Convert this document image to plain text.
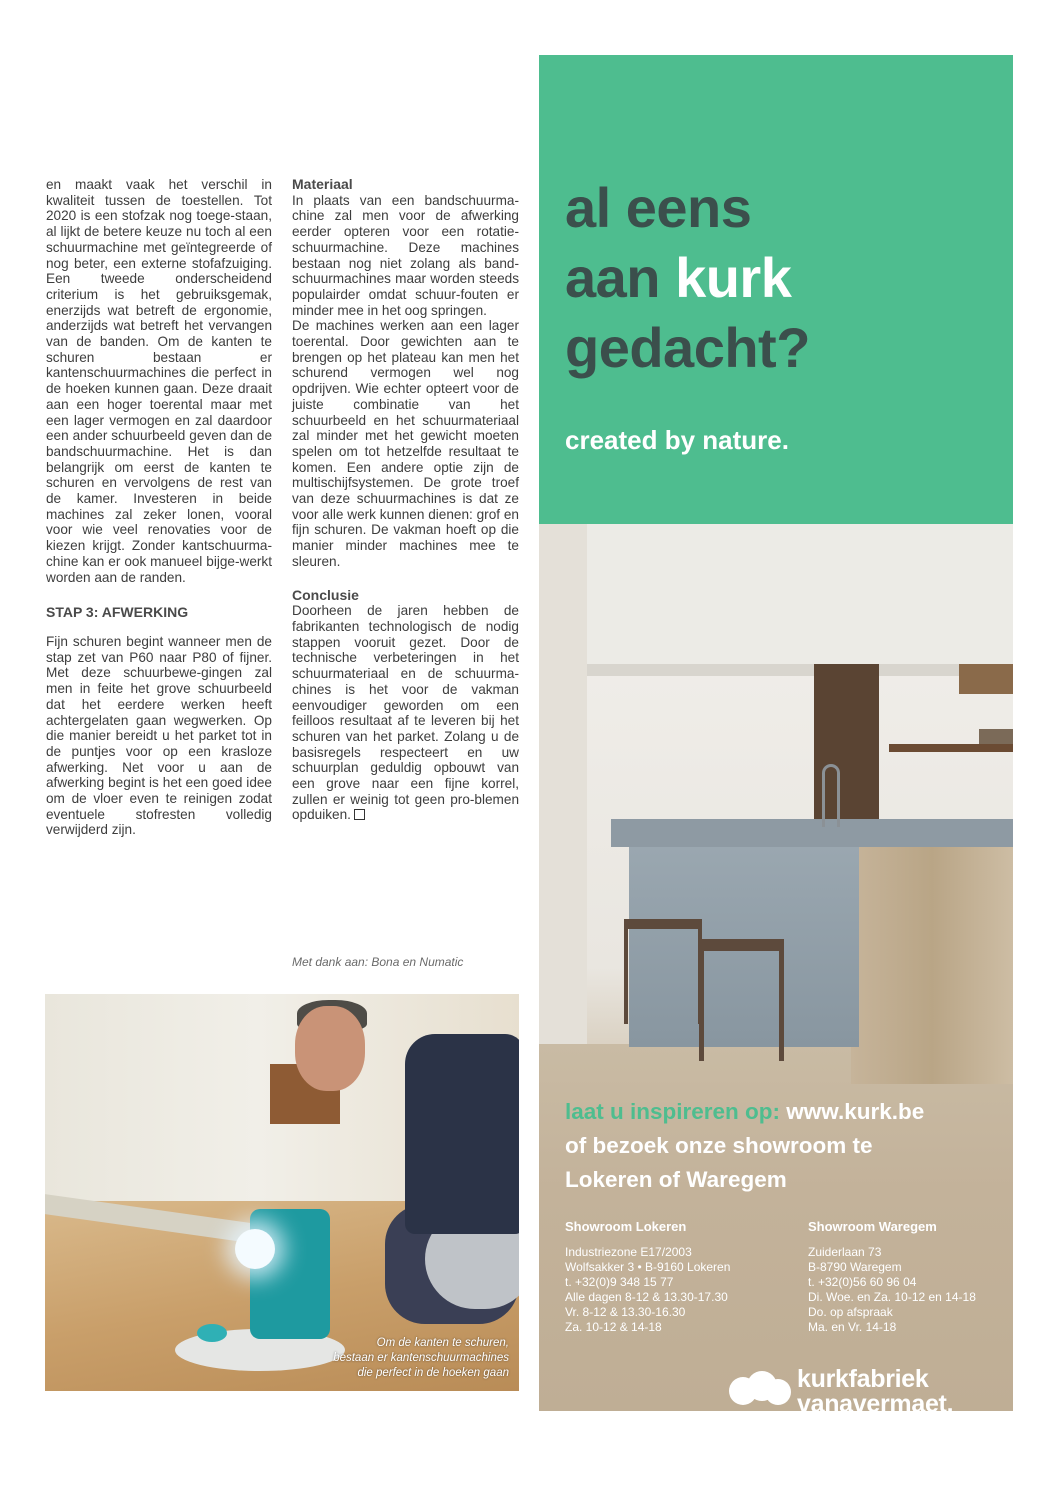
en maakt vaak het verschil in kwaliteit tussen de toestellen. Tot 2020 is een stofzak nog toege-staan, al lijkt de betere keuze nu toch al een schuurmachine met geïntegreerde of nog beter, een externe stofafzuiging. Een tweede onderscheidend criterium is het gebruiksgemak, enerzijds wat betreft de ergonomie, anderzijds wat betreft het vervangen van de banden. Om de kanten te schuren bestaan er kantenschuurmachines die perfect in de hoeken kunnen gaan. Deze draait aan een hoger toerental maar met een lager vermogen en zal daardoor een ander schuurbeeld geven dan de bandschuurmachine. Het is dan belangrijk om eerst de kanten te schuren en vervolgens de rest van de kamer. Investeren in beide machines zal zeker lonen, vooral voor wie veel renovaties voor de kiezen krijgt. Zonder kantschuurma-chine kan er ook manueel bijge-werkt worden aan de randen.

STAP 3: AFWERKING

Fijn schuren begint wanneer men de stap zet van P60 naar P80 of fijner. Met deze schuurbewe-gingen zal men in feite het grove schuurbeeld dat het eerdere werken heeft achtergelaten gaan wegwerken. Op die manier bereidt u het parket tot in de puntjes voor op een krasloze afwerking. Net voor u aan de afwerking begint is het een goed idee om de vloer even te reinigen zodat eventuele stofresten volledig verwijderd zijn.

Materiaal

In plaats van een bandschuurma-chine zal men voor de afwerking eerder opteren voor een rotatie-schuurmachine. Deze machines bestaan nog niet zolang als band-schuurmachines maar worden steeds populairder omdat schuur-fouten er minder mee in het oog springen.

De machines werken aan een lager toerental. Door gewichten aan te brengen op het plateau kan men het schurend vermogen wel nog opdrijven. Wie echter opteert voor de juiste combinatie van het schuurbeeld en het schuurmateriaal zal minder met het gewicht moeten spelen om tot hetzelfde resultaat te komen. Een andere optie zijn de multischijfsystemen. De grote troef van deze schuurmachines is dat ze voor alle werk kunnen dienen: grof en fijn schuren. De vakman hoeft op die manier minder machines mee te sleuren.

Conclusie

Doorheen de jaren hebben de fabrikanten technologisch de nodig stappen vooruit gezet. Door de technische verbeteringen in het schuurmateriaal en de schuurma-chines is het voor de vakman eenvoudiger geworden om een feilloos resultaat af te leveren bij het schuren van het parket. Zolang u de basisregels respecteert en uw schuurplan geduldig opbouwt van een grove naar een fijne korrel, zullen er weinig tot geen pro-blemen opduiken.

Met dank aan: Bona en Numatic
Om de kanten te schuren,
bestaan er kantenschuurmachines
die perfect in de hoeken gaan
al eens
aan kurk
gedacht?

created by nature.

laat u inspireren op: www.kurk.be
of bezoek onze showroom te
Lokeren of Waregem

Showroom Lokeren
Industriezone E17/2003
Wolfsakker 3 • B-9160 Lokeren
t. +32(0)9 348 15 77
Alle dagen 8-12 & 13.30-17.30
Vr. 8-12 & 13.30-16.30
Za. 10-12 & 14-18
Showroom Waregem
Zuiderlaan 73
B-8790 Waregem
t. +32(0)56 60 96 04
Di. Woe. en Za. 10-12 en 14-18
Do. op afspraak
Ma. en Vr. 14-18
kurkfabriek
vanavermaet.
